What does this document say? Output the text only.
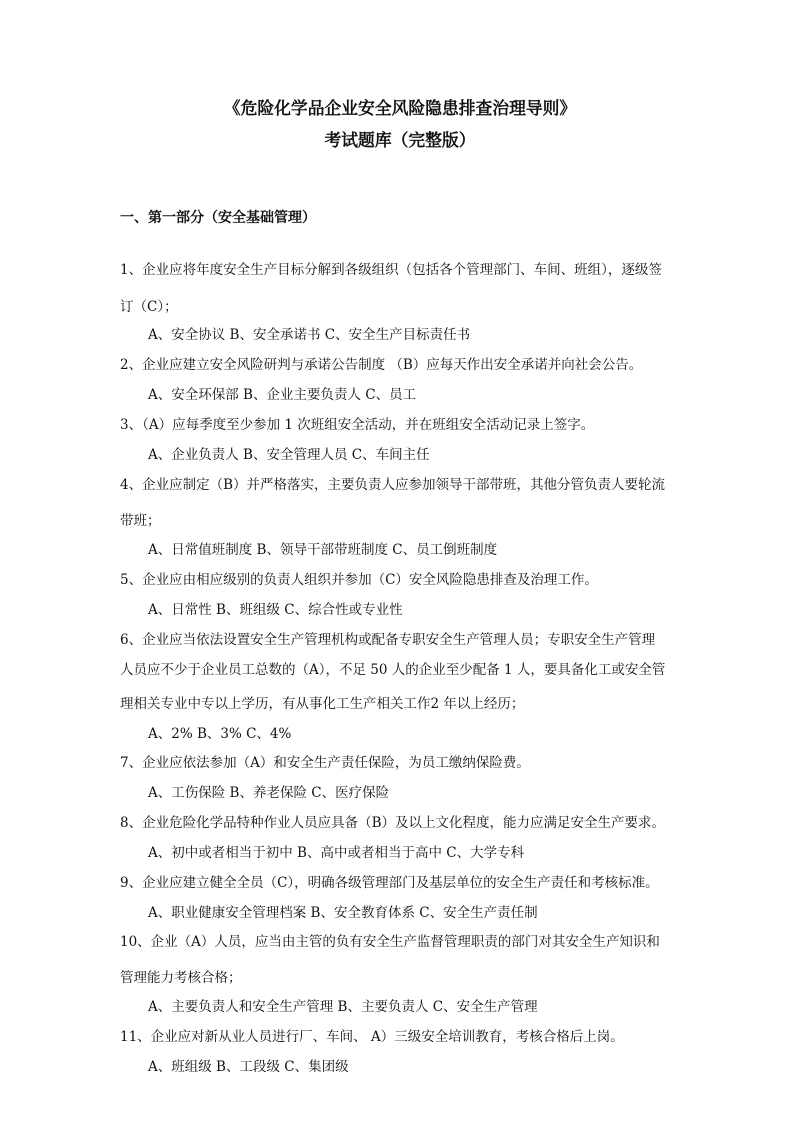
《危险化学品企业安全风险隐患排查治理导则》
考试题库（完整版）
一、第一部分（安全基础管理）
1、企业应将年度安全生产目标分解到各级组织（包括各个管理部门、车间、班组），逐级签
订（C）；
A、安全协议 B、安全承诺书 C、安全生产目标责任书
2、企业应建立安全风险研判与承诺公告制度 （B）应每天作出安全承诺并向社会公告。
A、安全环保部 B、企业主要负责人 C、员工
3、（A）应每季度至少参加 1 次班组安全活动，并在班组安全活动记录上签字。
A、企业负责人 B、安全管理人员 C、车间主任
4、企业应制定（B）并严格落实，主要负责人应参加领导干部带班，其他分管负责人要轮流
带班；
A、日常值班制度 B、领导干部带班制度 C、员工倒班制度
5、企业应由相应级别的负责人组织并参加（C）安全风险隐患排查及治理工作。
A、日常性 B、班组级 C、综合性或专业性
6、企业应当依法设置安全生产管理机构或配备专职安全生产管理人员；专职安全生产管理
人员应不少于企业员工总数的（A），不足 50 人的企业至少配备 1 人，要具备化工或安全管
理相关专业中专以上学历，有从事化工生产相关工作2 年以上经历；
A、2% B、3% C、4%
7、企业应依法参加（A）和安全生产责任保险，为员工缴纳保险费。
A、工伤保险 B、养老保险 C、医疗保险
8、企业危险化学品特种作业人员应具备（B）及以上文化程度，能力应满足安全生产要求。
A、初中或者相当于初中 B、高中或者相当于高中 C、大学专科
9、企业应建立健全全员（C），明确各级管理部门及基层单位的安全生产责任和考核标准。
A、职业健康安全管理档案 B、安全教育体系 C、安全生产责任制
10、企业（A）人员，应当由主管的负有安全生产监督管理职责的部门对其安全生产知识和
管理能力考核合格；
A、主要负责人和安全生产管理 B、主要负责人 C、安全生产管理
11、企业应对新从业人员进行厂、车间、 A）三级安全培训教育，考核合格后上岗。
A、班组级 B、工段级 C、集团级
